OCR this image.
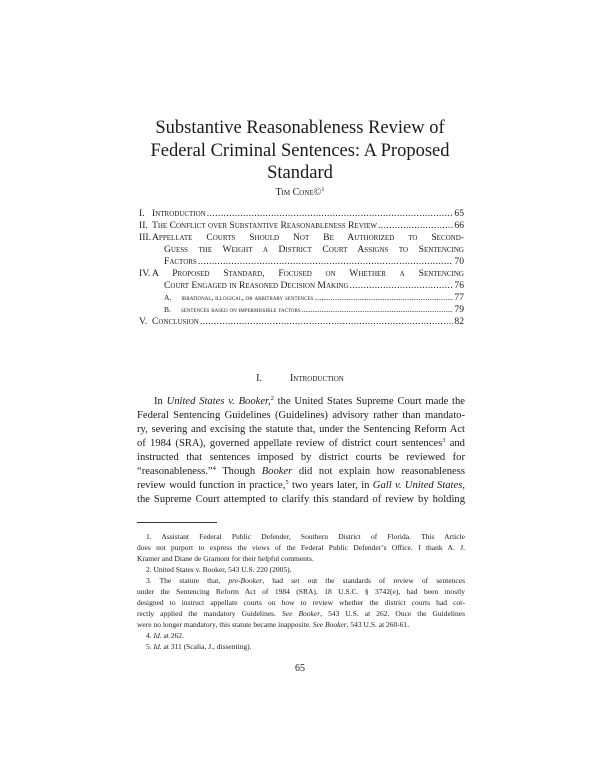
Substantive Reasonableness Review of
Federal Criminal Sentences: A Proposed
Standard
Tim Cone©$^1$
I. Introduction . . .	65
II. The Conflict over Substantive Reasonableness Review . . .	66
III. Appellate Courts Should Not Be Authorized to Second-
Guess the Weight a District Court Assigns to Sentencing
Factors . . .	70
IV. A Proposed Standard, Focused on Whether a Sentencing
Court Engaged in Reasoned Decision Making . . .	76
A. irrational, illogical, or arbitrary sentences . . .	77
B. sentences based on impermissible factors . . .	79
V. Conclusion . . .	82
I.	Introduction
In United States v. Booker,$^2$ the United States Supreme Court made the
Federal Sentencing Guidelines (Guidelines) advisory rather than mandato-
ry, severing and excising the statute that, under the Sentencing Reform Act
of 1984 (SRA), governed appellate review of district court sentences$^3$ and
instructed that sentences imposed by district courts be reviewed for
“reasonableness.”$^4$ Though Booker did not explain how reasonableness
review would function in practice,$^5$ two years later, in Gall v. United States,
the Supreme Court attempted to clarify this standard of review by holding
1. Assistant Federal Public Defender, Southern District of Florida. This Article
does not purport to express the views of the Federal Public Defender’s Office. I thank A. J.
Kramer and Diane de Gramont for their helpful comments.
2. United States v. Booker, 543 U.S. 220 (2005).
3. The statute that, pre-Booker, had set out the standards of review of sentences
under the Sentencing Reform Act of 1984 (SRA), 18 U.S.C. § 3742(e), had been mostly
designed to instruct appellate courts on how to review whether the district courts had cor-
rectly applied the mandatory Guidelines. See Booker, 543 U.S. at 262. Once the Guidelines
were no longer mandatory, this statute became inapposite. See Booker, 543 U.S. at 260-61.
4. Id. at 262.
5. Id. at 311 (Scalia, J., dissenting).
65
